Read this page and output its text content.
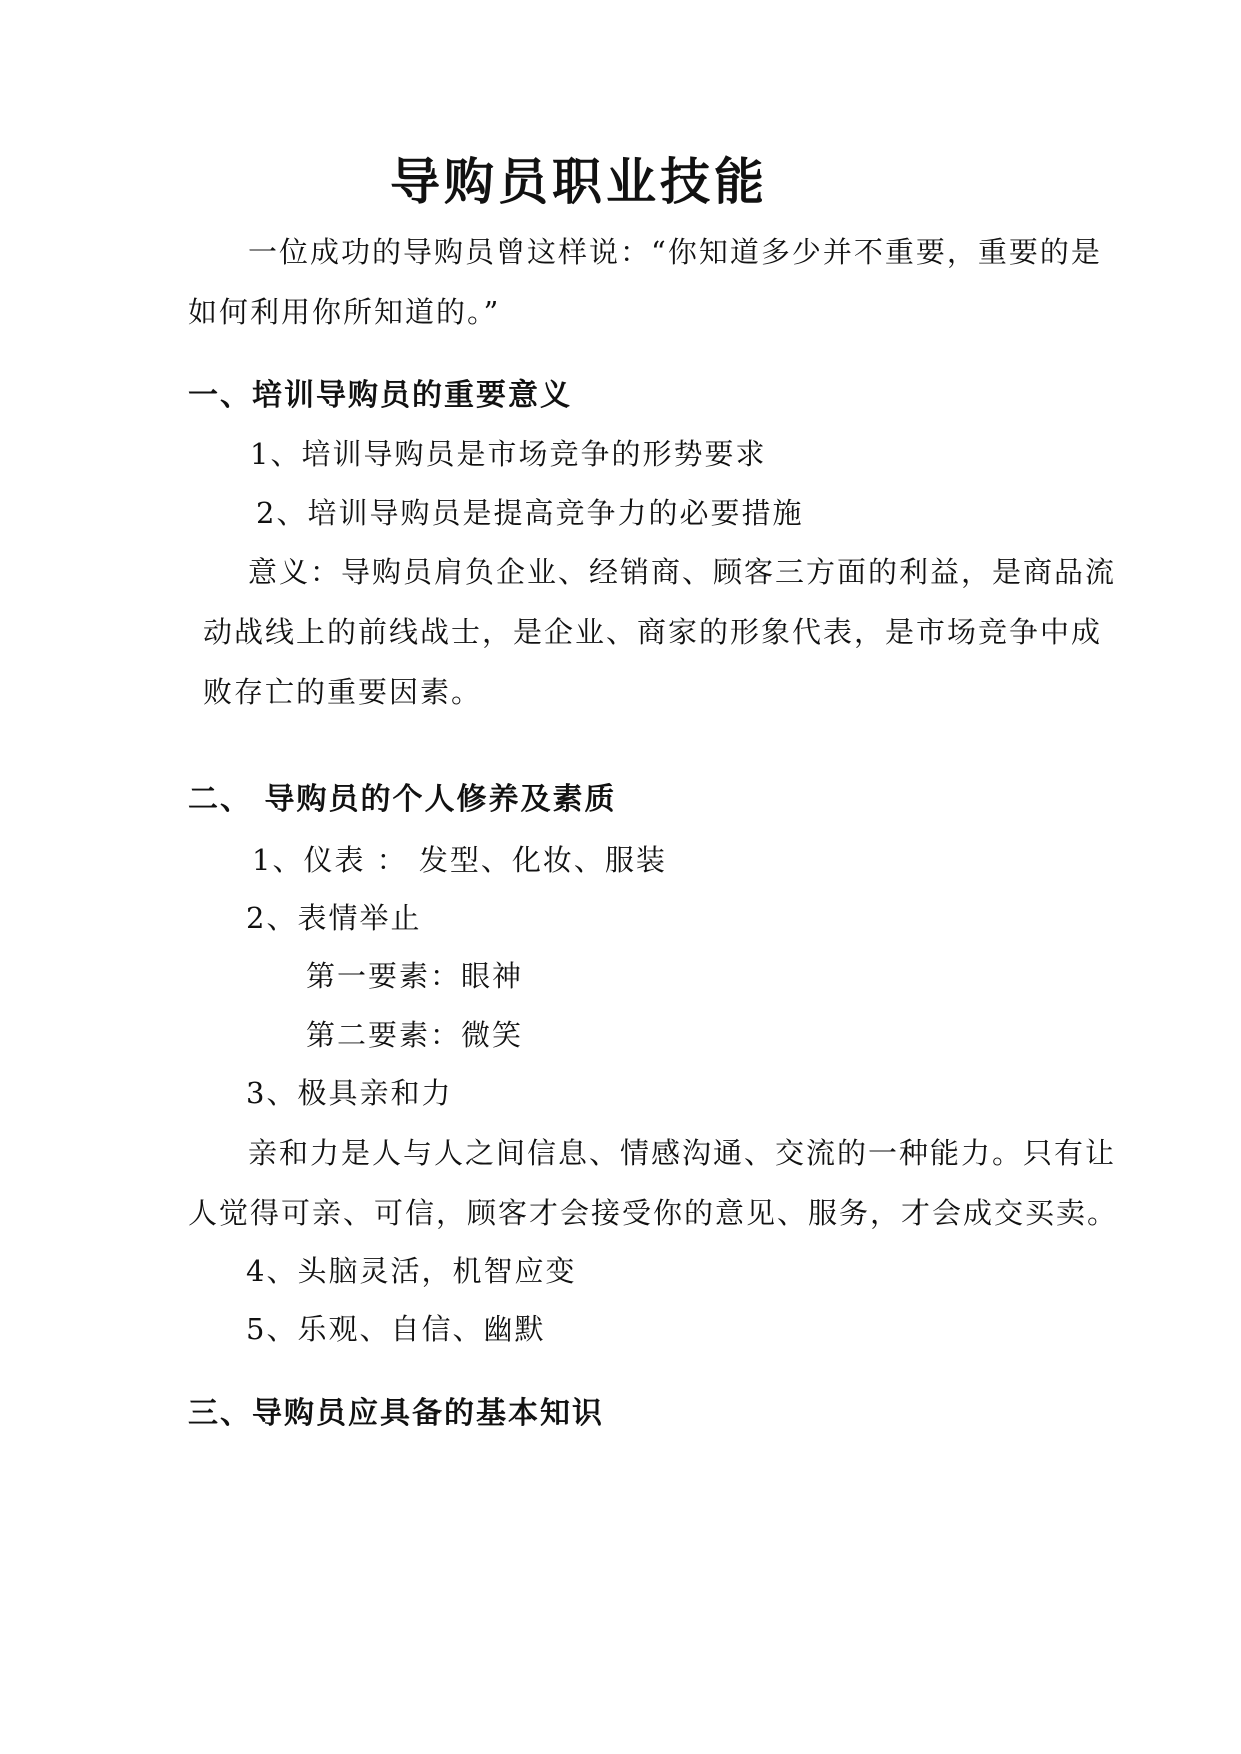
导购员职业技能
一位成功的导购员曾这样说：“你知道多少并不重要，重要的是
如何利用你所知道的。”
一、培训导购员的重要意义
1、培训导购员是市场竞争的形势要求
2、培训导购员是提高竞争力的必要措施
意义：导购员肩负企业、经销商、顾客三方面的利益，是商品流
动战线上的前线战士，是企业、商家的形象代表，是市场竞争中成
败存亡的重要因素。
二、 导购员的个人修养及素质
1、仪表 ： 发型、化妆、服装
2、表情举止
第一要素：眼神
第二要素：微笑
3、极具亲和力
亲和力是人与人之间信息、情感沟通、交流的一种能力。只有让
人觉得可亲、可信，顾客才会接受你的意见、服务，才会成交买卖。
4、头脑灵活，机智应变
5、乐观、自信、幽默
三、导购员应具备的基本知识
